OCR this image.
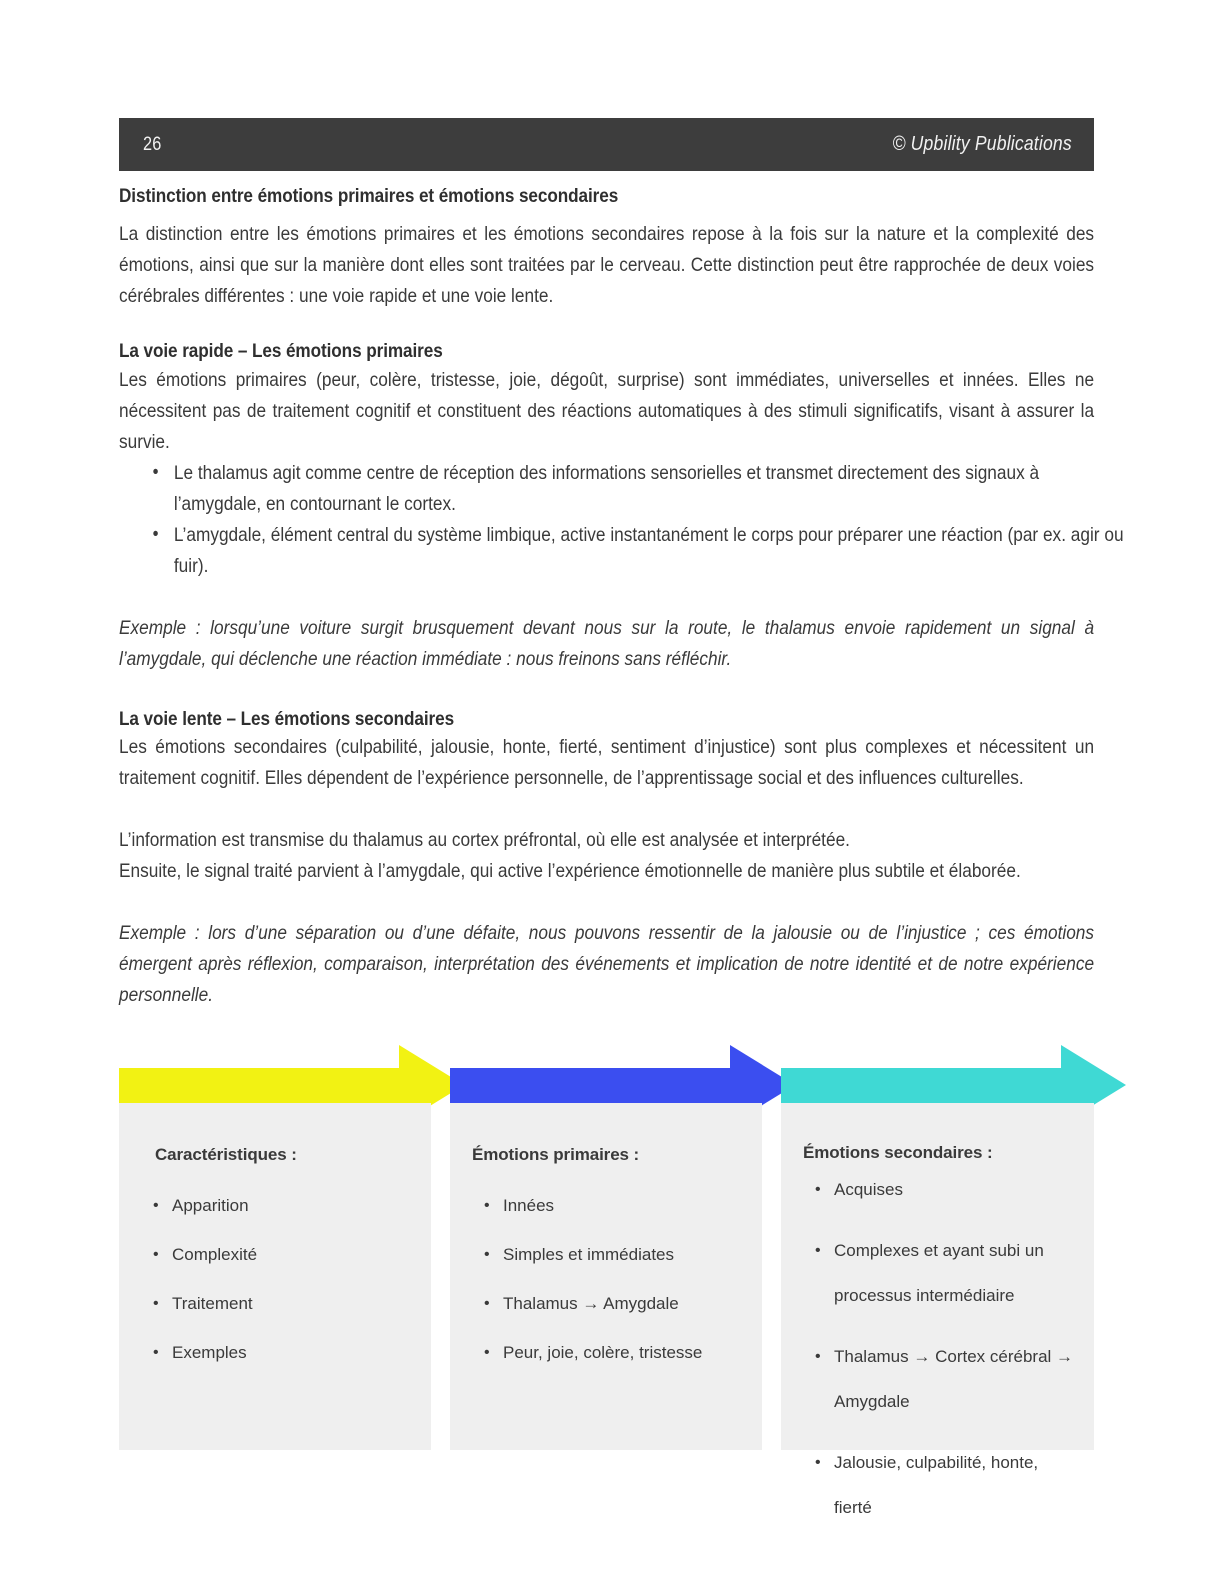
26	© Upbility Publications
Distinction entre émotions primaires et émotions secondaires

La distinction entre les émotions primaires et les émotions secondaires repose à la fois sur la nature et la complexité des émotions, ainsi que sur la manière dont elles sont traitées par le cerveau. Cette distinction peut être rapprochée de deux voies cérébrales différentes : une voie rapide et une voie lente.

La voie rapide – Les émotions primaires

Les émotions primaires (peur, colère, tristesse, joie, dégoût, surprise) sont immédiates, universelles et innées. Elles ne nécessitent pas de traitement cognitif et constituent des réactions automatiques à des stimuli significatifs, visant à assurer la survie.

• Le thalamus agit comme centre de réception des informations sensorielles et transmet directement des signaux à l’amygdale, en contournant le cortex.
• L’amygdale, élément central du système limbique, active instantanément le corps pour préparer une réaction (par ex. agir ou fuir).

Exemple : lorsqu’une voiture surgit brusquement devant nous sur la route, le thalamus envoie rapidement un signal à l’amygdale, qui déclenche une réaction immédiate : nous freinons sans réfléchir.

La voie lente – Les émotions secondaires

Les émotions secondaires (culpabilité, jalousie, honte, fierté, sentiment d’injustice) sont plus complexes et nécessitent un traitement cognitif. Elles dépendent de l’expérience personnelle, de l’apprentissage social et des influences culturelles.

L’information est transmise du thalamus au cortex préfrontal, où elle est analysée et interprétée.

Ensuite, le signal traité parvient à l’amygdale, qui active l’expérience émotionnelle de manière plus subtile et élaborée.

Exemple : lors d’une séparation ou d’une défaite, nous pouvons ressentir de la jalousie ou de l’injustice ; ces émotions émergent après réflexion, comparaison, interprétation des événements et implication de notre identité et de notre expérience personnelle.

Caractéristiques :
• Apparition
• Complexité
• Traitement
• Exemples
Émotions primaires :
• Innées
• Simples et immédiates
• Thalamus → Amygdale
• Peur, joie, colère, tristesse
Émotions secondaires :
• Acquises
• Complexes et ayant subi un processus intermédiaire
• Thalamus → Cortex cérébral → Amygdale
• Jalousie, culpabilité, honte, fierté
